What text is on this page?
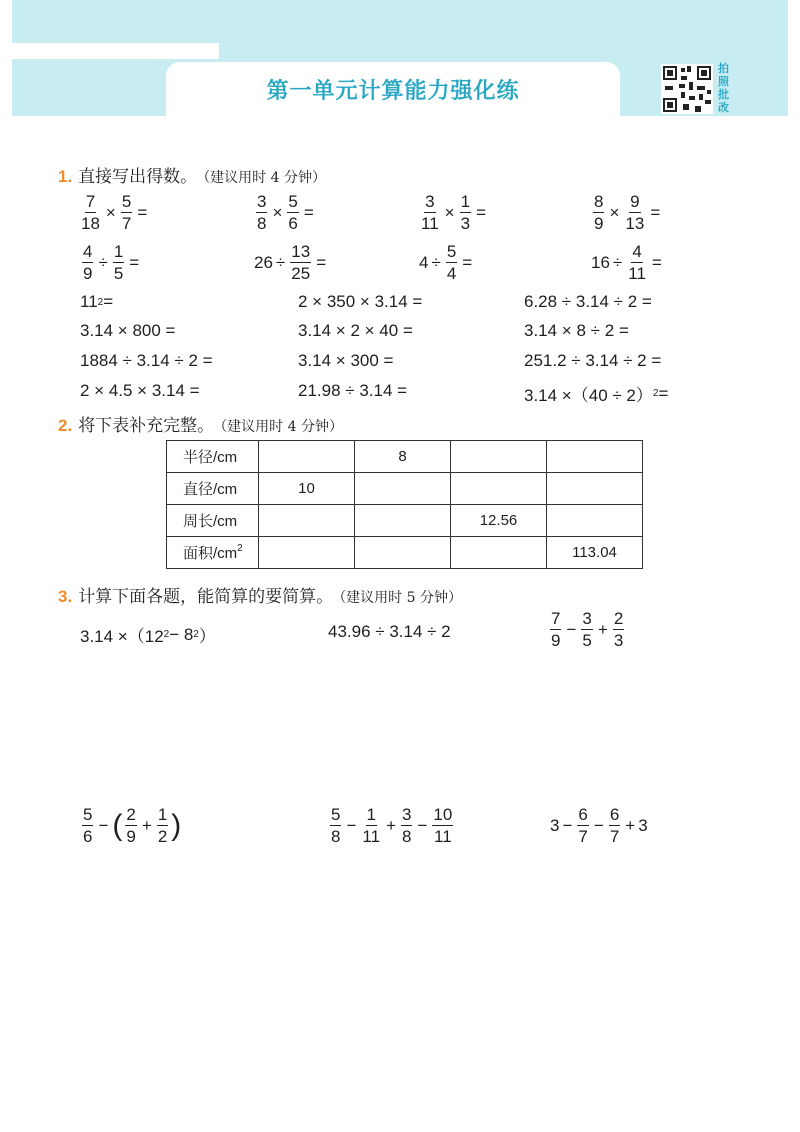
第一单元计算能力强化练
拍照批改
1. 直接写出得数。 （建议用时 4 分钟）
$\frac{7}{18} \times \frac{5}{7}$ =	$\frac{3}{8} \times \frac{5}{6}$ =	$\frac{3}{11} \times \frac{1}{3}$ =	$\frac{8}{9} \times \frac{9}{13}$ =
$\frac{4}{9} \div \frac{1}{5}$ =	$26 \div \frac{13}{25}$ =	$4 \div \frac{5}{4}$ =	$16 \div \frac{4}{11}$ =
11 2 =	2 × 350 × 3.14 =	6.28 ÷ 3.14 ÷ 2 =
3.14 × 800 =	3.14 × 2 × 40 =	3.14 × 8 ÷ 2 =
1884 ÷ 3.14 ÷ 2 =	3.14 × 300 =	251.2 ÷ 3.14 ÷ 2 =
2 × 4.5 × 3.14 =	21.98 ÷ 3.14 =	3.14 ×（40 ÷ 2） 2 =
2. 将下表补充完整。 （建议用时 4 分钟）
半径/cm		8		
直径/cm	10			
周长/cm			12.56	
面积$/cm^2$				113.04
3. 计算下面各题，能简算的要简算。 （建议用时 5 分钟）
3.14 ×（12 2 − 8 2 ）	43.96 ÷ 3.14 ÷ 2	$\frac{7}{9} - \frac{3}{5} + \frac{2}{3}$
$\frac{5}{6}$ − ( $\frac{2}{9} + \frac{1}{2}$ )	$\frac{5}{8} - \frac{1}{11} + \frac{3}{8} - \frac{10}{11}$	$3 - \frac{6}{7} - \frac{6}{7} + 3$
